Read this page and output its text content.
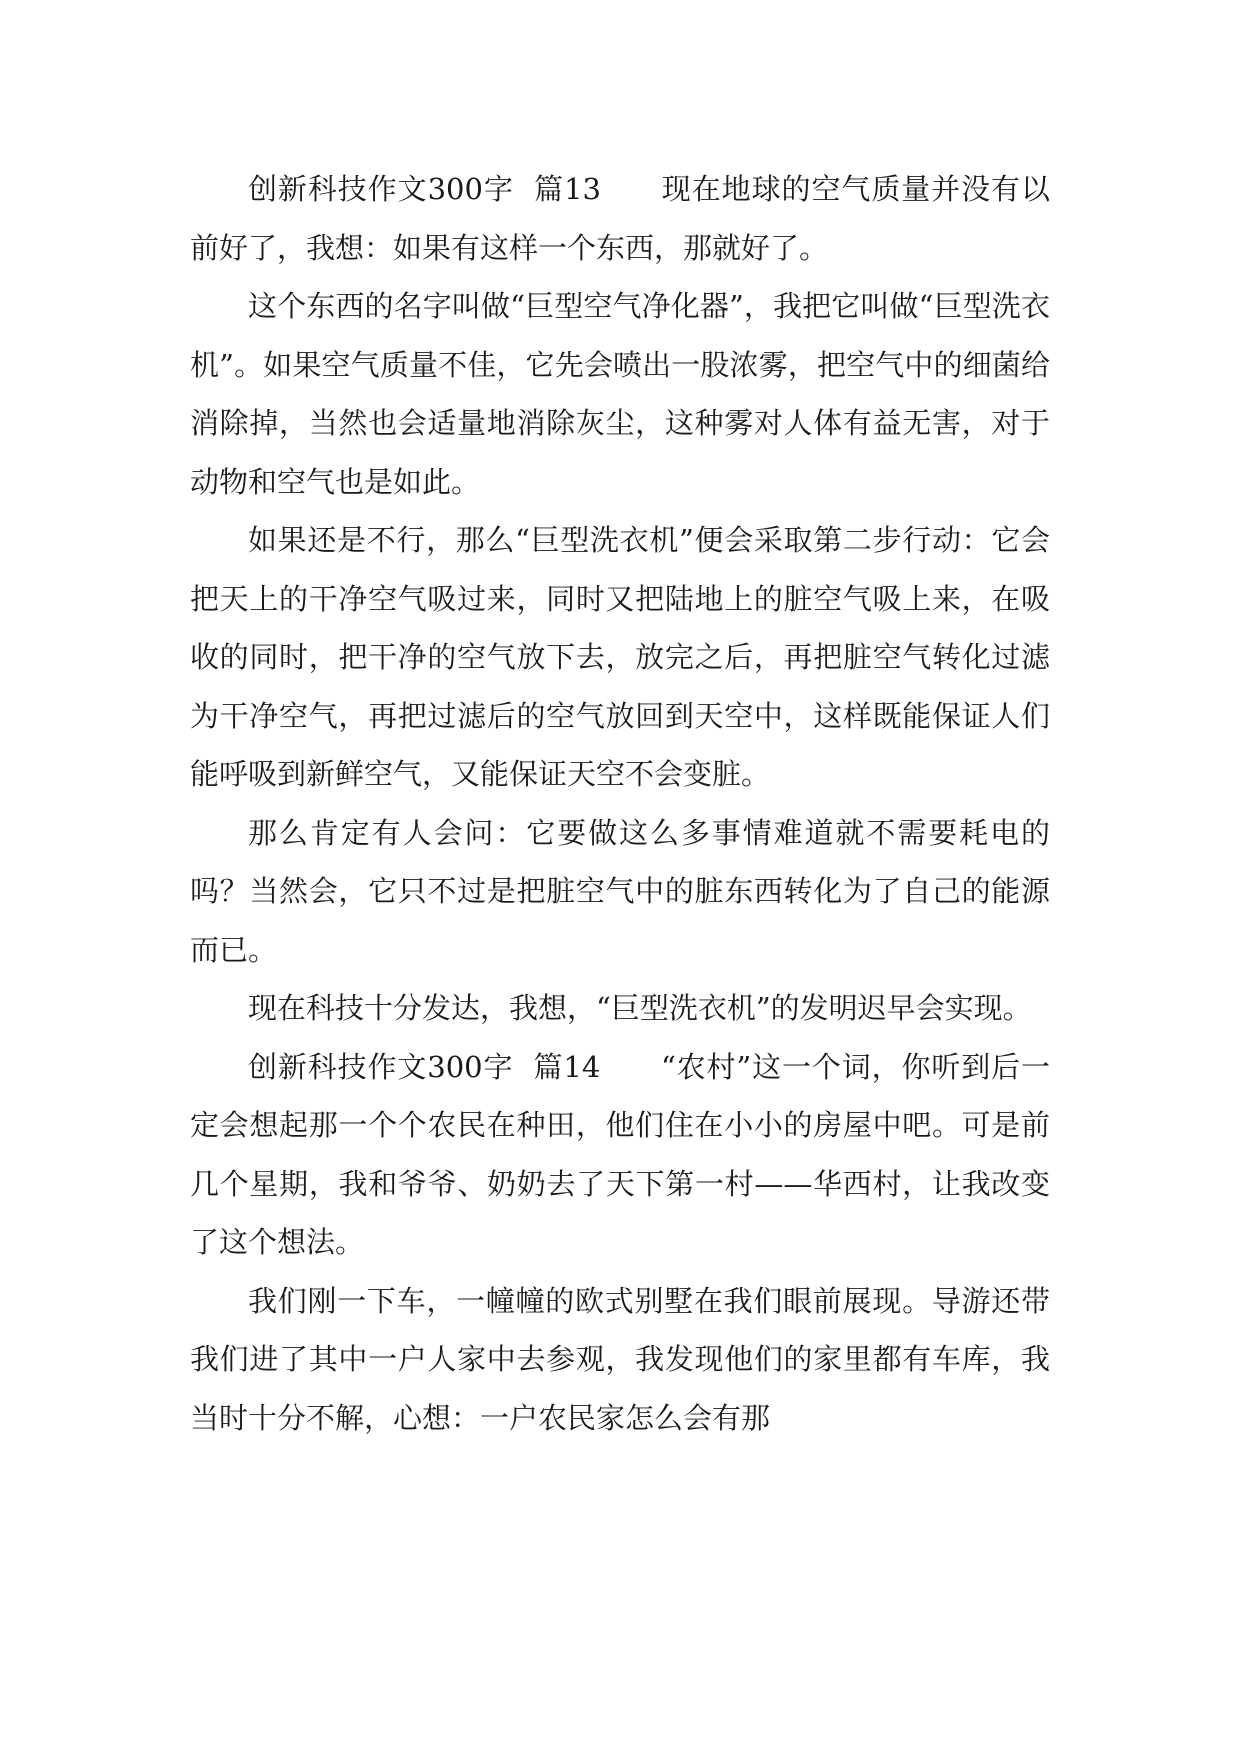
创新科技作文300字  篇13　　现在地球的空气质量并没有以前好了，我想：如果有这样一个东西，那就好了。

这个东西的名字叫做“巨型空气净化器”，我把它叫做“巨型洗衣机”。如果空气质量不佳，它先会喷出一股浓雾，把空气中的细菌给消除掉，当然也会适量地消除灰尘，这种雾对人体有益无害，对于动物和空气也是如此。

如果还是不行，那么“巨型洗衣机”便会采取第二步行动：它会把天上的干净空气吸过来，同时又把陆地上的脏空气吸上来，在吸收的同时，把干净的空气放下去，放完之后，再把脏空气转化过滤为干净空气，再把过滤后的空气放回到天空中，这样既能保证人们能呼吸到新鲜空气，又能保证天空不会变脏。

那么肯定有人会问：它要做这么多事情难道就不需要耗电的吗？当然会，它只不过是把脏空气中的脏东西转化为了自己的能源而已。

现在科技十分发达，我想，“巨型洗衣机”的发明迟早会实现。

创新科技作文300字  篇14　　“农村”这一个词，你听到后一定会想起那一个个农民在种田，他们住在小小的房屋中吧。可是前几个星期，我和爷爷、奶奶去了天下第一村——华西村，让我改变了这个想法。

我们刚一下车，一幢幢的欧式别墅在我们眼前展现。导游还带我们进了其中一户人家中去参观，我发现他们的家里都有车库，我当时十分不解，心想：一户农民家怎么会有那
